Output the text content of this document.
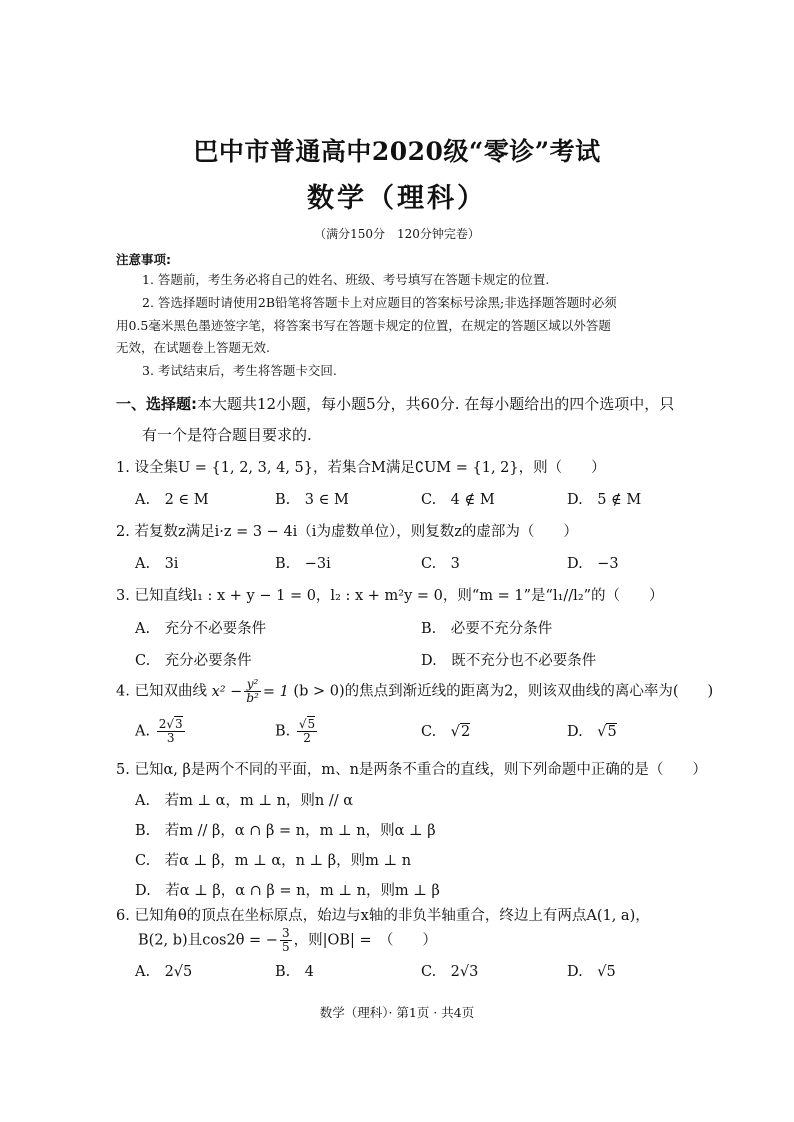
巴中市普通高中2020级“零诊”考试
数学（理科）
（满分150分　120分钟完卷）
注意事项:
1. 答题前，考生务必将自己的姓名、班级、考号填写在答题卡规定的位置.
2. 答选择题时请使用2B铅笔将答题卡上对应题目的答案标号涂黑;非选择题答题时必须
用0.5毫米黑色墨迹签字笔，将答案书写在答题卡规定的位置，在规定的答题区域以外答题
无效，在试题卷上答题无效.
3. 考试结束后，考生将答题卡交回.
一、选择题:本大题共12小题，每小题5分，共60分. 在每小题给出的四个选项中，只
有一个是符合题目要求的.
1. 设全集U = {1, 2, 3, 4, 5}，若集合M满足∁UM = {1, 2}，则（　　）
A.　2 ∈ M	B.　3 ∈ M	C.　4 ∉ M	D.　5 ∉ M
2. 若复数z满足i·z = 3 − 4i（i为虚数单位），则复数z的虚部为（　　）
A.　3i	B.　−3i	C.　3	D.　−3
3. 已知直线l₁ : x + y − 1 = 0，l₂ : x + m²y = 0，则“m = 1”是“l₁//l₂”的（　　）
A.　充分不必要条件	B.　必要不充分条件
C.　充分必要条件	D.　既不充分也不必要条件
4. 已知双曲线 $x^2 - \frac{\text{y²}}{\text{b²}} = 1$ (b > 0)的焦点到渐近线的距离为2，则该双曲线的离心率为(　　)
A. $\frac{2√3}{3}$	B. $\frac{√5}{2}$	C.　√2	D.　√5
5. 已知α, β是两个不同的平面，m、n是两条不重合的直线，则下列命题中正确的是（　　）
A.　若m ⊥ α，m ⊥ n，则n // α
B.　若m // β，α ∩ β = n，m ⊥ n，则α ⊥ β
C.　若α ⊥ β，m ⊥ α，n ⊥ β，则m ⊥ n
D.　若α ⊥ β，α ∩ β = n，m ⊥ n，则m ⊥ β
6. 已知角θ的顶点在坐标原点，始边与x轴的非负半轴重合，终边上有两点A(1, a)，
B(2, b)且cos2θ = − $\frac{3}{5}$ ，则|OB| =　（　　）
A.　2√5	B.　4	C.　2√3	D.　√5
数学（理科）· 第1页 · 共4页
